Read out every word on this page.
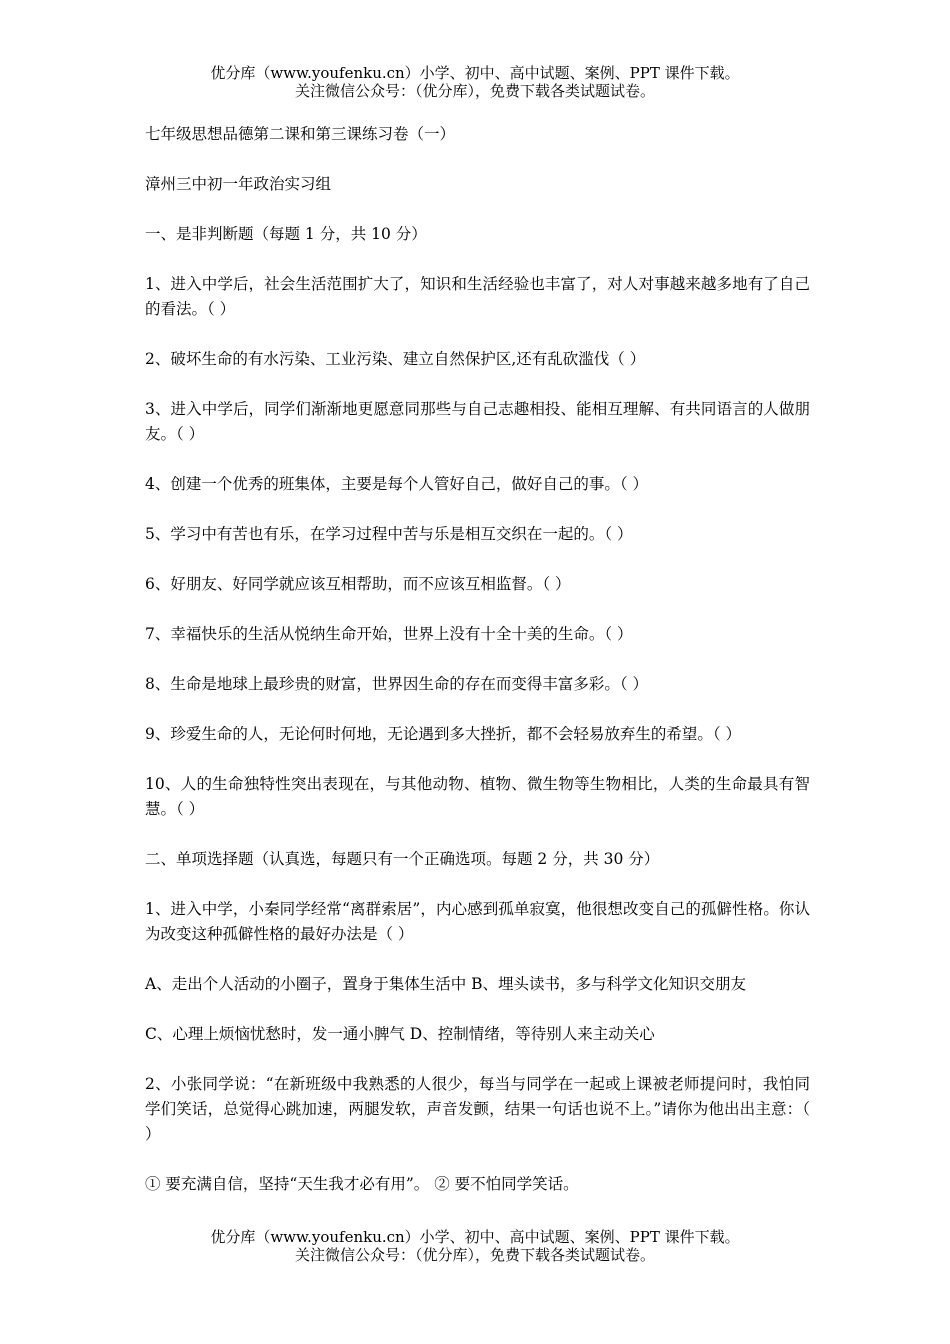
优分库（www.youfenku.cn）小学、初中、高中试题、案例、PPT 课件下载。
关注微信公众号：（优分库），免费下载各类试题试卷。

七年级思想品德第二课和第三课练习卷（一）

漳州三中初一年政治实习组

一、是非判断题（每题 1 分，共 10 分）

1、进入中学后，社会生活范围扩大了，知识和生活经验也丰富了，对人对事越来越多地有了自己的看法。（ ）

2、破坏生命的有水污染、工业污染、建立自然保护区,还有乱砍滥伐（ ）

3、进入中学后，同学们渐渐地更愿意同那些与自己志趣相投、能相互理解、有共同语言的人做朋友。（ ）

4、创建一个优秀的班集体，主要是每个人管好自己，做好自己的事。（ ）

5、学习中有苦也有乐，在学习过程中苦与乐是相互交织在一起的。（ ）

6、好朋友、好同学就应该互相帮助，而不应该互相监督。（ ）

7、幸福快乐的生活从悦纳生命开始，世界上没有十全十美的生命。（ ）

8、生命是地球上最珍贵的财富，世界因生命的存在而变得丰富多彩。（ ）

9、珍爱生命的人，无论何时何地，无论遇到多大挫折，都不会轻易放弃生的希望。（ ）

10、人的生命独特性突出表现在，与其他动物、植物、微生物等生物相比，人类的生命最具有智慧。（ ）

二、单项选择题（认真选，每题只有一个正确选项。每题 2 分，共 30 分）

1、进入中学，小秦同学经常“离群索居”，内心感到孤单寂寞，他很想改变自己的孤僻性格。你认为改变这种孤僻性格的最好办法是（ ）

A、走出个人活动的小圈子，置身于集体生活中 B、埋头读书，多与科学文化知识交朋友

C、心理上烦恼忧愁时，发一通小脾气 D、控制情绪，等待别人来主动关心

2、小张同学说：“在新班级中我熟悉的人很少，每当与同学在一起或上课被老师提问时，我怕同学们笑话，总觉得心跳加速，两腿发软，声音发颤，结果一句话也说不上。”请你为他出出主意：（ ）

① 要充满自信，坚持“天生我才必有用”。 ② 要不怕同学笑话。

优分库（www.youfenku.cn）小学、初中、高中试题、案例、PPT 课件下载。
关注微信公众号：（优分库），免费下载各类试题试卷。
